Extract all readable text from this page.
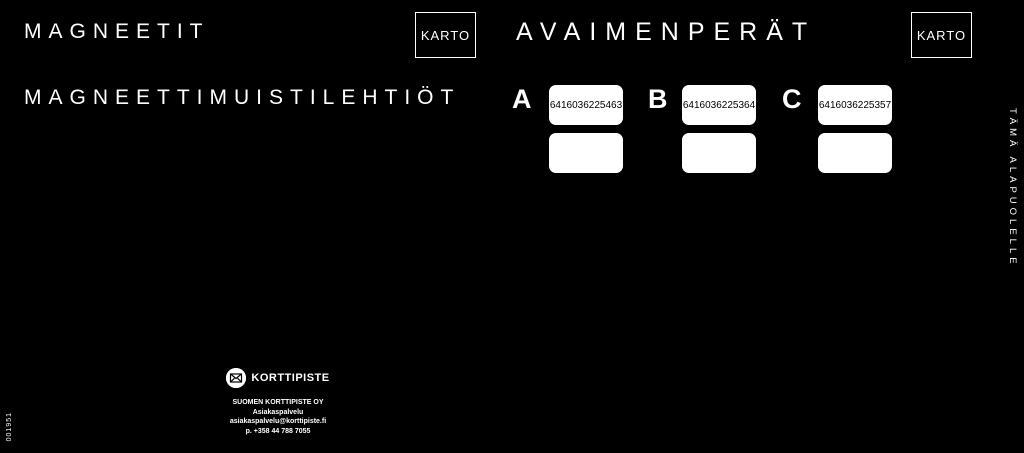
MAGNEETIT
MAGNEETTIMUISTILEHTIÖT
AVAIMENPERÄT
KARTO	KARTO
A 6416036225463 B 6416036225364 C 6416036225357
TÄMÄ ALAPUOLELLE
001951
KORTTIPISTE
SUOMEN KORTTIPISTE OY
Asiakaspalvelu
asiakaspalvelu@korttipiste.fi
p. +358 44 788 7055
